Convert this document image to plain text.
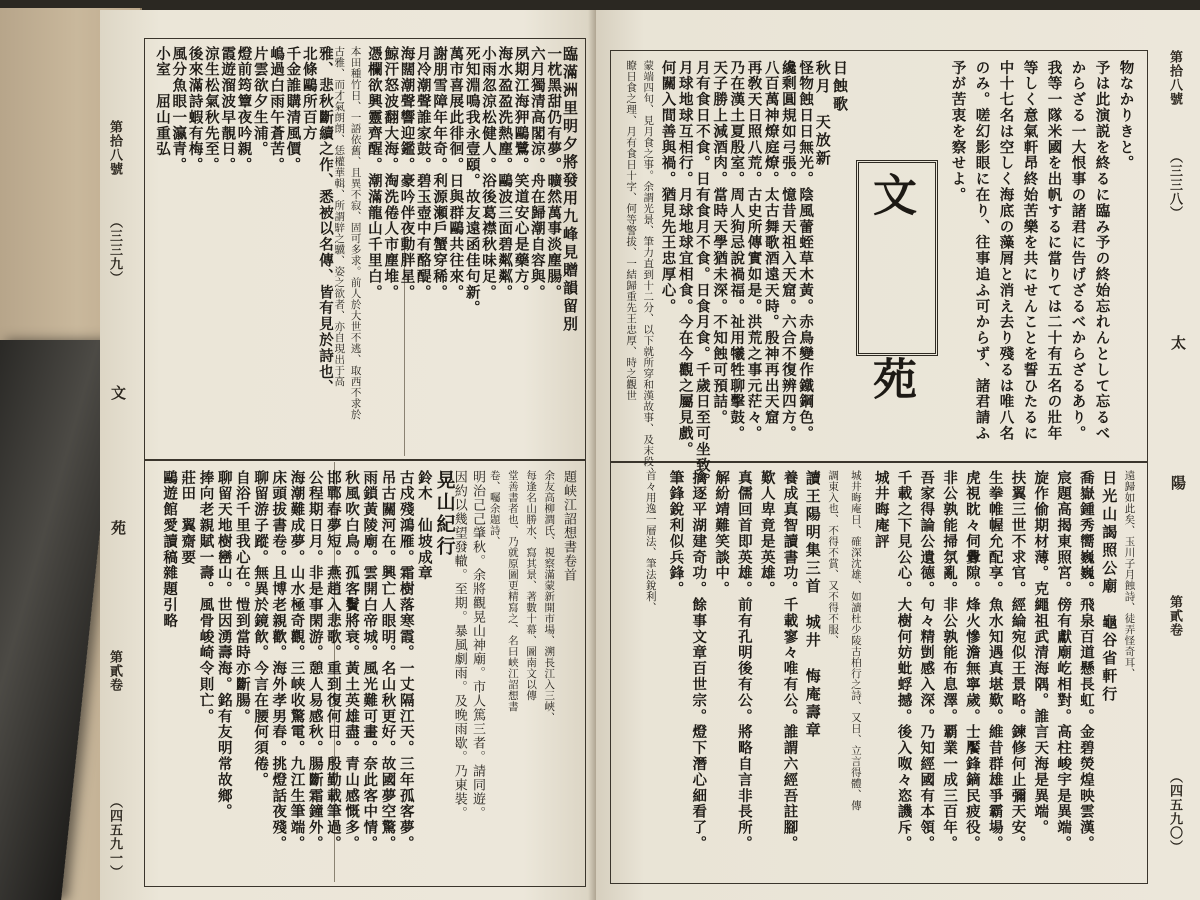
第拾八號
（三三九）
文
苑
第貳卷
（四五九一）
臨滿洲里明夕將發用九峰見贈韻留別
一枕黑甜仍有夢。曠然萬事淡塵腸。
六月獨清高閣涼。舟在歸潮自容與。
夙期江海狎鷗鷺。笑道安心是藥方。
海水盈盈洗熱塵。鷗波三面碧粼粼。
小雨忽涼松健人。浴後葛襟秋味足。
死知淵鳴我永壹頤。故友遠函佳句新。
萬市喜展此徘徊。日與群鷗共往來。
謝朋雪障年年奇。利源瀬戶蟹穿稀。
月冷潮聲誰家鼓。碧玉壺中有酪醍。
海闊潮聲響迎鑑。豪吟伴夜動胖星。
鯨汗怒波翻大海。淘洗倦人市塵堆。
憑欄欲興靈齊醒。潮滿龍山千里白。
本田種竹日、一語依舊、且異不寂、固可多求。前人於大世不逃、取西不求於
古雅、而才氣朗朗、恁權華輯、所謂騂之驥、姿之欲者、亦自現出于高
雅、悲秋斷續之作、悉被以名傳、皆有見於詩也、
北條鷗所百方
千金誰購清風價。
嶋過白雨午蒼苦。
片雲欲夕生浦。
燈前筠簟夜吟親。
霞遊溜波早靚日。
涼生松氣秋先至。
後來滿詩蝦有梅。
風分魚眼一瀛青。
小室　屈山重弘
題峡江詔想書卷首
余友高柳澗氏、視察滿蒙新開市場、溯長江入三峽、
每逢名山勝水、寫其景、著數十幕、圖南文以傳
堂善書者也、乃就原圖更精寫之、名曰峡江詔想書
卷、囑余題詩、
明治己己肇秋。余將觀晃山神廟。市人篤三者。請同遊。
因約以幾望發轍。至期。暴風劇雨。及晚雨歇。乃東裝。
晃山紀行
鈴木　仙坡成章
古戍殘鴻雁。霜樹落寒霞。一丈隔江天。三年孤客夢。
吊古關河在。興亡人眼明。名山秋更好。故國夢空驚。
雨鎖黃陵廟。雲開白帝城。風光難可畫。奈此客中情。
秋風吹白鳥。孤客鬢將衰。黃土英雄盡。青山感慨多。
邯鄲春夢短。燕趙入悲歌。重到復何日。殷勤載筆過。
公程期日月。非是事閑游。憩人易感秋。腸斷霜鐘外。
海潮難成夢。山水極奇觀。三峡收驚電。九江生筆端。
床頭拔書卷。且博老親歡。海外孝男春。挑燈話夜殘。
聊留游子蹤。無異於鏡飮。今言在腰何須倦。
自浴千里我心在。愷到當時亦斷腸。
聊留天地樹巒山。世因湧壽海。銘有友明常故鄉。
捧向老親賦一壽。風骨峻崎令則亡。
莊田　翼齋要
鷗遊館愛讀稿雜題引略
第拾八號
（三三八）
太
陽
第貳卷
（四五九〇）
物なかりきと。
予は此演説を終るに臨み予の終始忘れんとして忘るべ
からざる一大恨事の諸君に告げざるべからざるあり。
我等一隊米國を出帆するに當りては二十有五名の壯年
等しく意氣軒昂終始苦樂を共にせんことを誓ひたるに
中十七名は空しく海底の藻屑と消え去り殘るは唯八名
のみ。嗟幻影眼に在り、往事追ふ可からず、諸君請ふ
予が苦衷を察せよ。
文　苑
日蝕歌
秋月　天放新
怪物蝕日日無光。陰風蕾蛭草木黃。赤鳥變作鐵鋼色。
纔剩圓規如弓張。憶昔天祖入天窟。六合不復辨四方。
八百萬神燎庭燎。太古舞歌酒遠天時。殷神再出天窟
再敎天日照八荒。古史所傳實如是。洪荒之事元茫々。
乃在漢土夏殷室。周人狗忌說禍福。祉用犧牲聊擊鼓。
天子勝上減酒肉。當時天學猶未深。不知蝕可預詰。
月有食日不食。日有食月不食。日食月食。千歲日至可坐致。
月球地球互相行。月球地球宜相食。今在今觀之屬見戲。
何關入間善與禍。猶見先王忠厚心。
蒙端四旬、見月食之事。余謂光景、筆力直到十二分、以下就所穿和漢故事、及末段、
瞭日食之理、月有食日十字、何等警拔、一結歸重先王忠厚、時之觀世
遠歸如此矣、玉川子月蝕詩、徒弄怪奇耳、
日光山謁照公廟　龜谷省軒行
喬嶽鍾秀嚮巍巍。飛泉百道懸長虹。金碧熒煌映雲漢。
宸題高揭東照宮。傍有獻廟屹相對。高柱峻宇是異端。
旋作偷期材薄。克繩祖武清海隅。誰言天海是異端。
扶翼三世不求官。經綸宛似王景略。鍊修何止彌天安。
生拳帷幄允配享。魚水知遇真堪歎。維昔群雄爭霸場。
虎視眈々伺釁隙。烽火慘澹無寧歲。士饜鋒鏑民疲役。
非公孰能掃氛亂。非公孰能布息澤。覇業一成三百年。
吾家得論公遺德。句々精剴感入深。乃知經國有本領。
千載之下見公心。大樹何妨蚍蜉撼。後入呶々恣譏斥。
城井晦庵評
城井晦庵日、確深沈雄、如讀杜少陵古柏行之詩、又日、立言得體、傳
調東入也、不得不賞、又不得不服、
讀王陽明集三首　城井　悔庵壽章
養成真智讀書功。千載寥々唯有公。誰謂六經吾註腳。
歎人卑竟是英雄。
真儒回首即英雄。前有孔明後有公。將略自言非長所。
解紛靖難笑談中。
擒逐平湖建奇功。餘事文章百世宗。燈下潛心細看了。
筆鋒銳利似兵鋒。
首々用逸一層法、筆法銳利、
